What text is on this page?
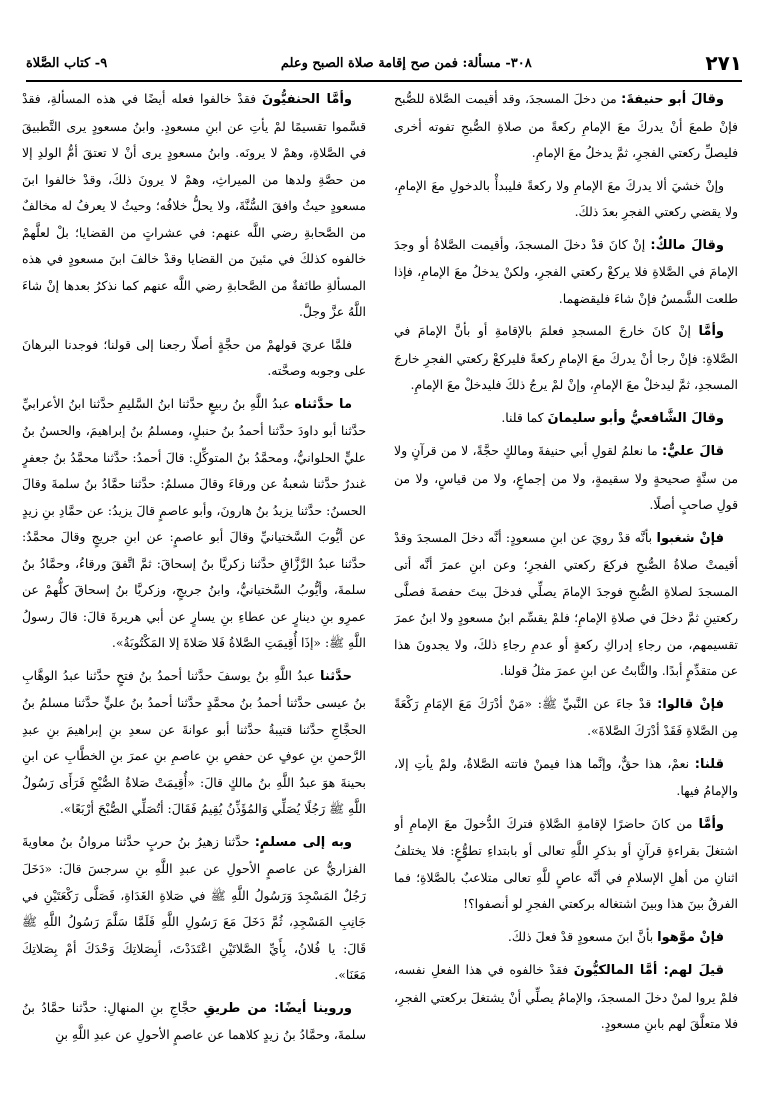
٢٧١
٣٠٨- مسألة: فمن صح إقامة صلاة الصبح وعلم
٩- كتاب الصَّلاة

وقالَ أبو حنيفةَ: من دخلَ المسجدَ، وقد أقيمت الصَّلاة للصُّبح فإنْ طمعَ أنْ يدركَ معَ الإمامِ ركعةً من صلاةِ الصُّبحِ تفوته أخرى فليصلِّ ركعتي الفجرِ، ثمَّ يدخلُ معَ الإمامِ.

وإنْ خشيَ ألا يدركَ معَ الإمامِ ولا ركعةً فليبدأْ بالدخولِ معَ الإمامِ، ولا يقضي ركعتي الفجرِ بعدَ ذلكَ.

وقالَ مالكٌ: إنْ كانَ قدْ دخلَ المسجدَ، وأقيمت الصَّلاةُ أو وجدَ الإمامَ في الصَّلاةِ فلا يركعْ ركعتي الفجرِ، ولكنْ يدخلُ معَ الإمامِ، فإذا طلعت الشَّمسُ فإنْ شاءَ فليقضهما.

وأمَّا إنْ كانَ خارجَ المسجدِ فعلمَ بالإقامةِ أو بأنَّ الإمامَ في الصَّلاةِ: فإنْ رجا أنْ يدركَ معَ الإمامِ ركعةً فليركعْ ركعتي الفجرِ خارجَ المسجدِ، ثمَّ ليدخلْ معَ الإمامِ، وإنْ لمْ يرجُ ذلكَ فليدخلْ معَ الإمامِ.

وقالَ الشَّافعيُّ وأبو سليمانَ كما قلنا.

قالَ عليٌّ: ما نعلمُ لقولِ أبي حنيفةَ ومالكٍ حجَّةً، لا من قرآنٍ ولا من سنَّةٍ صحيحةٍ ولا سقيمةٍ، ولا من إجماعٍ، ولا من قياسٍ، ولا من قولِ صاحبٍ أصلًا.

فإنْ شغبوا بأنَّه قدْ رويَ عن ابنِ مسعودٍ: أنَّه دخلَ المسجدَ وقدْ أقيمتْ صلاةُ الصُّبحِ فركعَ ركعتي الفجرِ؛ وعن ابنِ عمرَ أنَّه أتى المسجدَ لصلاةِ الصُّبحِ فوجدَ الإمامَ يصلِّي فدخلَ بيتَ حفصةَ فصلَّى ركعتينِ ثمَّ دخلَ في صلاةِ الإمامِ؛ فلمْ يقسِّم ابنُ مسعودٍ ولا ابنُ عمرَ تقسيمهم، من رجاءِ إدراكِ ركعةٍ أو عدمِ رجاءِ ذلكَ، ولا يجدونَ هذا عن متقدِّمٍ أبدًا. والثَّابتُ عن ابنِ عمرَ مثلُ قولنا.

فإنْ قالوا: قدْ جاءَ عن النَّبيِّ ﷺ: «مَنْ أدْرَكَ مَعَ الإمَامِ رَكْعَةً مِن الصَّلاةِ فَقَدْ أدْرَكَ الصَّلاةَ».

قلنا: نعمْ، هذا حقٌّ، وإنَّما هذا فيمنْ فاتته الصَّلاةُ، ولمْ يأتِ إلا، والإمامُ فيها.

وأمَّا من كانَ حاضرًا لإقامةِ الصَّلاةِ فتركَ الدُّخولَ معَ الإمامِ أو اشتغلَ بقراءةِ قرآنٍ أو بذكرِ اللَّهِ تعالى أو بابتداءِ تطوُّعٍ: فلا يختلفُ اثنانِ من أهلِ الإسلامِ في أنَّه عاصٍ للَّهِ تعالى متلاعبٌ بالصَّلاةِ؛ فما الفرقُ بينَ هذا وبينَ اشتغاله بركعتي الفجرِ لو أنصفوا؟!

فإنْ موَّهوا بأنَّ ابنَ مسعودٍ قدْ فعلَ ذلكَ.

قيلَ لهم: أمَّا المالكيُّونَ فقدْ خالفوه في هذا الفعلِ نفسه، فلمْ يروا لمنْ دخلَ المسجدَ، والإمامُ يصلِّي أنْ يشتغلَ بركعتي الفجرِ، فلا متعلَّقَ لهم بابنِ مسعودٍ.

وأمَّا الحنفيُّونَ فقدْ خالفوا فعله أيضًا في هذه المسألةِ، فقدْ قسَّموا تقسيمًا لمْ يأتِ عن ابنِ مسعودٍ. وابنُ مسعودٍ يرى التَّطبيقَ في الصَّلاةِ، وهمْ لا يرونَه. وابنُ مسعودٍ يرى أنْ لا تعتقَ أمُّ الولدِ إلا من حصَّةِ ولدها من الميراثِ، وهمْ لا يرونَ ذلكَ، وقدْ خالفوا ابنَ مسعودٍ حيثُ وافقَ السُّنَّةَ، ولا يحلُّ خلافُه؛ وحيثُ لا يعرفُ له مخالفٌ من الصَّحابةِ رضي اللَّه عنهم: في عشراتٍ من القضايا؛ بلْ لعلَّهمْ خالفوه كذلكَ في مئينَ من القضايا وقدْ خالفَ ابنَ مسعودٍ في هذه المسألةِ طائفةٌ من الصَّحابةِ رضي اللَّه عنهم كما نذكرُ بعدها إنْ شاءَ اللَّهُ عزَّ وجلَّ.

فلمَّا عريَ قولهمْ من حجَّةٍ أصلًا رجعنا إلى قولنا؛ فوجدنا البرهانَ على وجوبه وصحَّته.

ما حدَّثناه عبدُ اللَّهِ بنُ ربيعٍ حدَّثنا ابنُ السَّليمِ حدَّثنا ابنُ الأعرابيِّ حدَّثنا أبو داودَ حدَّثنا أحمدُ بنُ حنبلٍ، ومسلمُ بنُ إبراهيمَ، والحسنُ بنُ عليٍّ الحلوانيُّ، ومحمَّدُ بنُ المتوكِّلِ: قالَ أحمدُ: حدَّثنا محمَّدُ بنُ جعفرٍ غندرٌ حدَّثنا شعبةُ عن ورقاءَ وقالَ مسلمٌ: حدَّثنا حمَّادُ بنُ سلمةَ وقالَ الحسنُ: حدَّثنا يزيدُ بنُ هارونَ، وأبو عاصمٍ قالَ يزيدُ: عن حمَّادِ بنِ زيدٍ عن أيُّوبَ السَّختيانيِّ وقالَ أبو عاصمٍ: عن ابنِ جريجٍ وقالَ محمَّدٌ: حدَّثنا عبدُ الرَّزَّاقِ حدَّثنا زكريَّا بنُ إسحاقَ: ثمَّ اتَّفقَ ورقاءُ، وحمَّادُ بنُ سلمةَ، وأيُّوبُ السَّختيانيُّ، وابنُ جريجٍ، وزكريَّا بنُ إسحاقَ كلُّهمْ عن عمرِو بنِ دينارٍ عن عطاءِ بنِ يسارٍ عن أبي هريرةَ قالَ: قالَ رسولُ اللَّهِ ﷺ: «إذَا أُقِيمَتِ الصَّلاةُ فَلا صَلاةَ إلا المَكْتُوبَةُ».

حدَّثنا عبدُ اللَّهِ بنُ يوسفَ حدَّثنا أحمدُ بنُ فتحٍ حدَّثنا عبدُ الوهَّابِ بنُ عيسى حدَّثنا أحمدُ بنُ محمَّدٍ حدَّثنا أحمدُ بنُ عليٍّ حدَّثنا مسلمُ بنُ الحجَّاجِ حدَّثنا قتيبةُ حدَّثنا أبو عوانةَ عن سعدِ بنِ إبراهيمَ بنِ عبدِ الرَّحمنِ بنِ عوفٍ عن حفصِ بنِ عاصمِ بنِ عمرَ بنِ الخطَّابِ عن ابنِ بحينةَ هوَ عبدُ اللَّهِ بنُ مالكٍ قالَ: «أُقِيمَتْ صَلاةُ الصُّبْحِ فَرَأَى رَسُولُ اللَّهِ ﷺ رَجُلًا يُصَلِّي وَالمُؤَذِّنُ يُقِيمُ فَقَالَ: أتُصَلِّي الصُّبْحَ أرْبَعًا».

وبه إلى مسلمٍ: حدَّثنا زهيرُ بنُ حربٍ حدَّثنا مروانُ بنُ معاويةَ الفزاريُّ عن عاصمٍ الأحولِ عن عبدِ اللَّهِ بنِ سرجسَ قالَ: «دَخَلَ رَجُلٌ المَسْجِدَ وَرَسُولُ اللَّهِ ﷺ في صَلاةِ الغَدَاةِ، فَصَلَّى رَكْعَتَيْنِ في جَانِبِ المَسْجِدِ، ثُمَّ دَخَلَ مَعَ رَسُولِ اللَّهِ فَلَمَّا سَلَّمَ رَسُولُ اللَّهِ ﷺ قَالَ: يا فُلانُ، بِأَيِّ الصَّلاتَيْنِ اعْتَدَدْتَ، أبِصَلاتِكَ وَحْدَكَ أمْ بِصَلاتِكَ مَعَنَا».

وروينا أيضًا: من طريقِ حجَّاجِ بنِ المنهالِ: حدَّثنا حمَّادُ بنُ سلمةَ، وحمَّادُ بنُ زيدٍ كلاهما عن عاصمٍ الأحولِ عن عبدِ اللَّهِ بنِ
